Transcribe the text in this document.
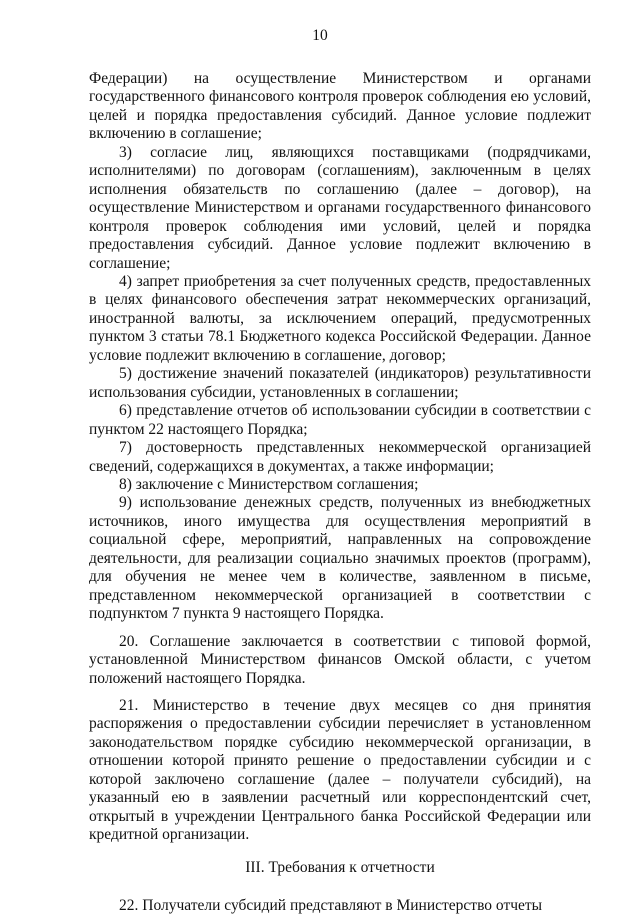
10

Федерации) на осуществление Министерством и органами государственного финансового контроля проверок соблюдения ею условий, целей и порядка предоставления субсидий. Данное условие подлежит включению в соглашение;

3) согласие лиц, являющихся поставщиками (подрядчиками, исполнителями) по договорам (соглашениям), заключенным в целях исполнения обязательств по соглашению (далее – договор), на осуществление Министерством и органами государственного финансового контроля проверок соблюдения ими условий, целей и порядка предоставления субсидий. Данное условие подлежит включению в соглашение;

4) запрет приобретения за счет полученных средств, предоставленных в целях финансового обеспечения затрат некоммерческих организаций, иностранной валюты, за исключением операций, предусмотренных пунктом 3 статьи 78.1 Бюджетного кодекса Российской Федерации. Данное условие подлежит включению в соглашение, договор;

5) достижение значений показателей (индикаторов) результативности использования субсидии, установленных в соглашении;

6) представление отчетов об использовании субсидии в соответствии с пунктом 22 настоящего Порядка;

7) достоверность представленных некоммерческой организацией сведений, содержащихся в документах, а также информации;

8) заключение с Министерством соглашения;

9) использование денежных средств, полученных из внебюджетных источников, иного имущества для осуществления мероприятий в социальной сфере, мероприятий, направленных на сопровождение деятельности, для реализации социально значимых проектов (программ), для обучения не менее чем в количестве, заявленном в письме, представленном некоммерческой организацией в соответствии с подпунктом 7 пункта 9 настоящего Порядка.

20. Соглашение заключается в соответствии с типовой формой, установленной Министерством финансов Омской области, с учетом положений настоящего Порядка.

21. Министерство в течение двух месяцев со дня принятия распоряжения о предоставлении субсидии перечисляет в установленном законодательством порядке субсидию некоммерческой организации, в отношении которой принято решение о предоставлении субсидии и с которой заключено соглашение (далее – получатели субсидий), на указанный ею в заявлении расчетный или корреспондентский счет, открытый в учреждении Центрального банка Российской Федерации или кредитной организации.

III. Требования к отчетности

22. Получатели субсидий представляют в Министерство отчеты
